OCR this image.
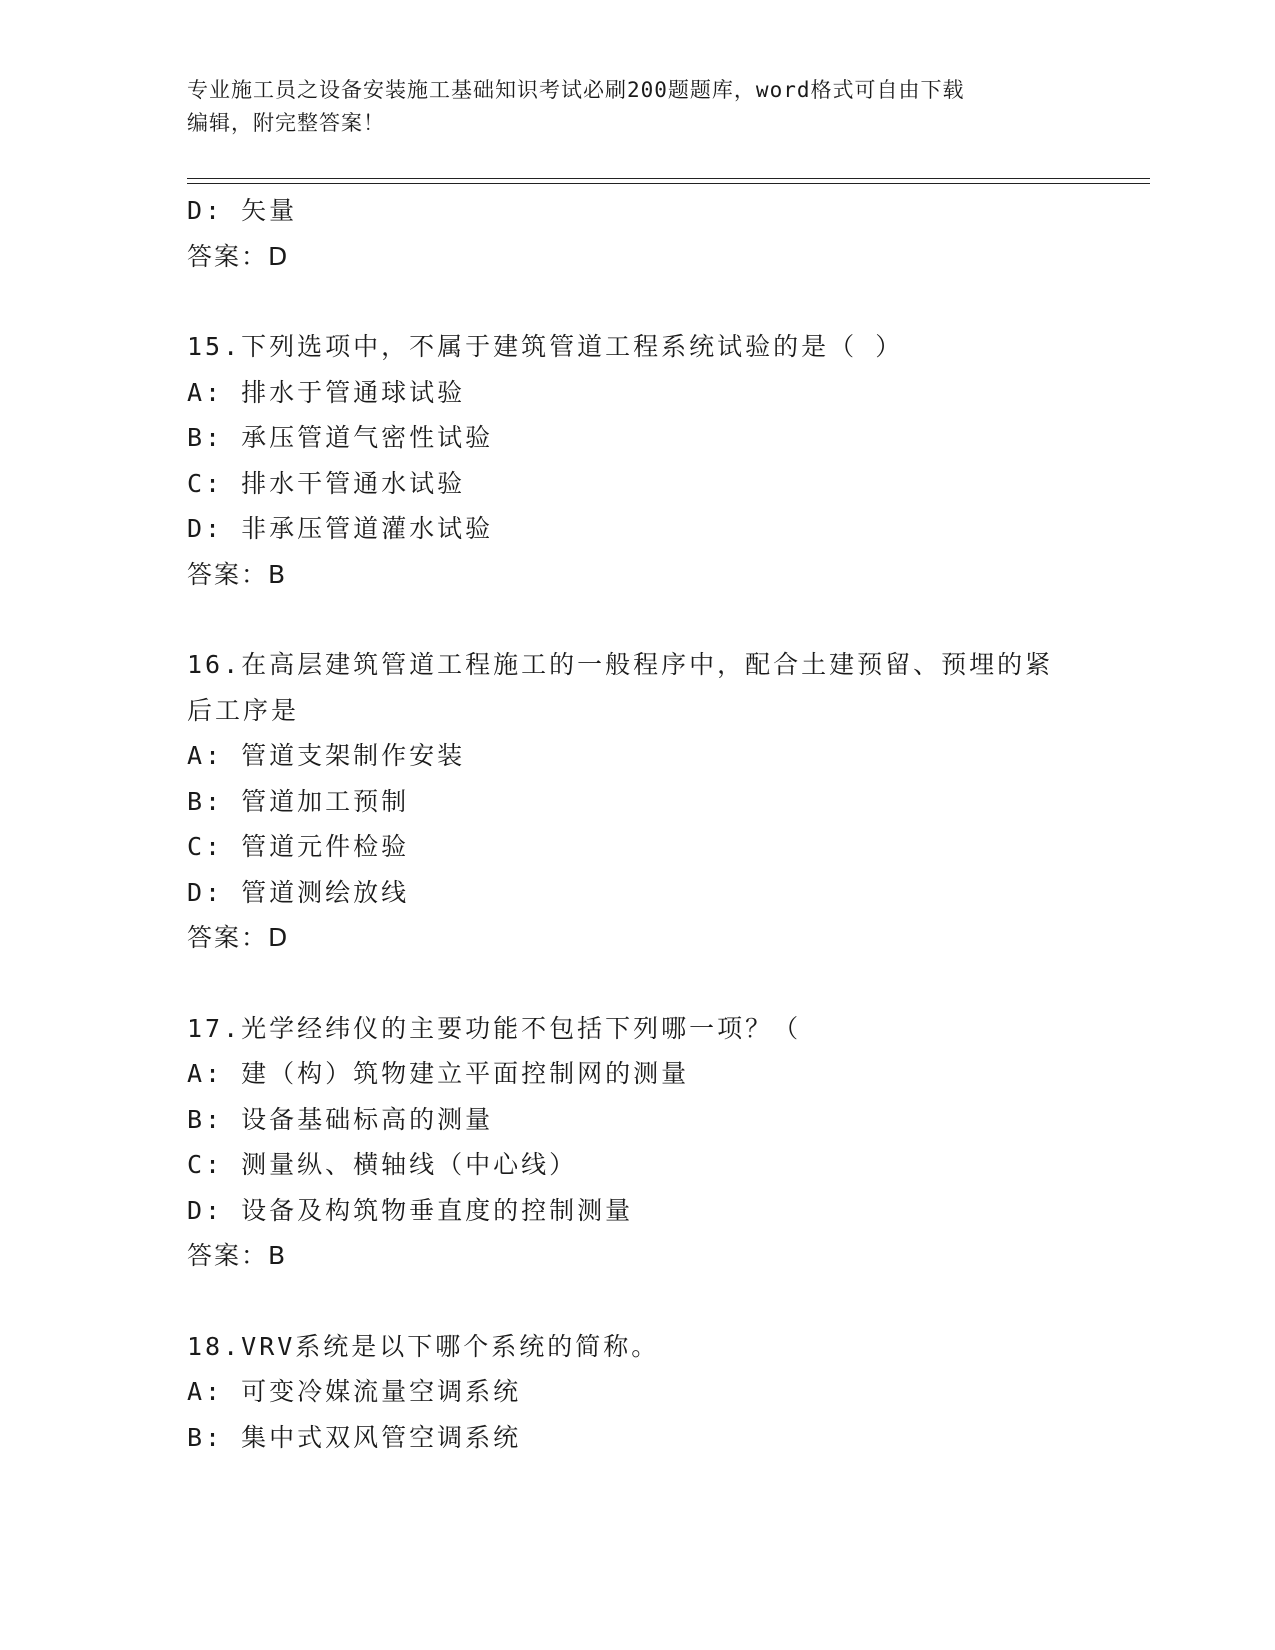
专业施工员之设备安装施工基础知识考试必刷200题题库，word格式可自由下载
编辑，附完整答案！
D: 矢量
答案：D
15.下列选项中，不属于建筑管道工程系统试验的是（ ）
A: 排水于管通球试验
B: 承压管道气密性试验
C: 排水干管通水试验
D: 非承压管道灌水试验
答案：B
16.在高层建筑管道工程施工的一般程序中，配合土建预留、预埋的紧
后工序是
A: 管道支架制作安装
B: 管道加工预制
C: 管道元件检验
D: 管道测绘放线
答案：D
17.光学经纬仪的主要功能不包括下列哪一项？（
A: 建（构）筑物建立平面控制网的测量
B: 设备基础标高的测量
C: 测量纵、横轴线（中心线）
D: 设备及构筑物垂直度的控制测量
答案：B
18.VRV系统是以下哪个系统的简称。
A: 可变冷媒流量空调系统
B: 集中式双风管空调系统
